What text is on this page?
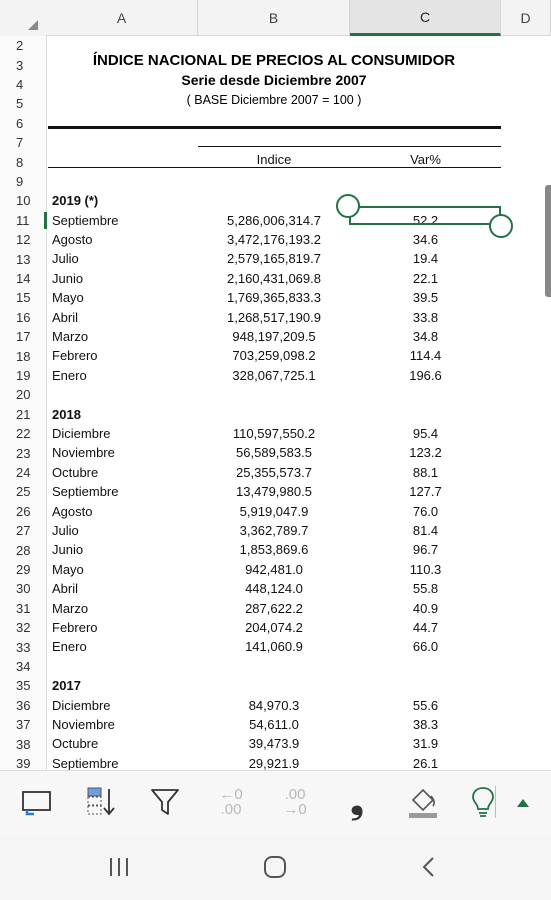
A	B	C	D
2
3
4
5
6
7
8
9
10
11
12
13
14
15
16
17
18
19
20
21
22
23
24
25
26
27
28
29
30
31
32
33
34
35
36
37
38
39
2019 (*)
Septiembre	5,286,006,314.7	52.2
Agosto	3,472,176,193.2	34.6
Julio	2,579,165,819.7	19.4
Junio	2,160,431,069.8	22.1
Mayo	1,769,365,833.3	39.5
Abril	1,268,517,190.9	33.8
Marzo	948,197,209.5	34.8
Febrero	703,259,098.2	114.4
Enero	328,067,725.1	196.6
2018
Diciembre	110,597,550.2	95.4
Noviembre	56,589,583.5	123.2
Octubre	25,355,573.7	88.1
Septiembre	13,479,980.5	127.7
Agosto	5,919,047.9	76.0
Julio	3,362,789.7	81.4
Junio	1,853,869.6	96.7
Mayo	942,481.0	110.3
Abril	448,124.0	55.8
Marzo	287,622.2	40.9
Febrero	204,074.2	44.7
Enero	141,060.9	66.0
2017
Diciembre	84,970.3	55.6
Noviembre	54,611.0	38.3
Octubre	39,473.9	31.9
Septiembre	29,921.9	26.1
ÍNDICE NACIONAL DE PRECIOS AL CONSUMIDOR
Serie desde Diciembre 2007
( BASE Diciembre 2007 = 100 )
Indice	Var%
←0
.00
.00
→0 ❟
